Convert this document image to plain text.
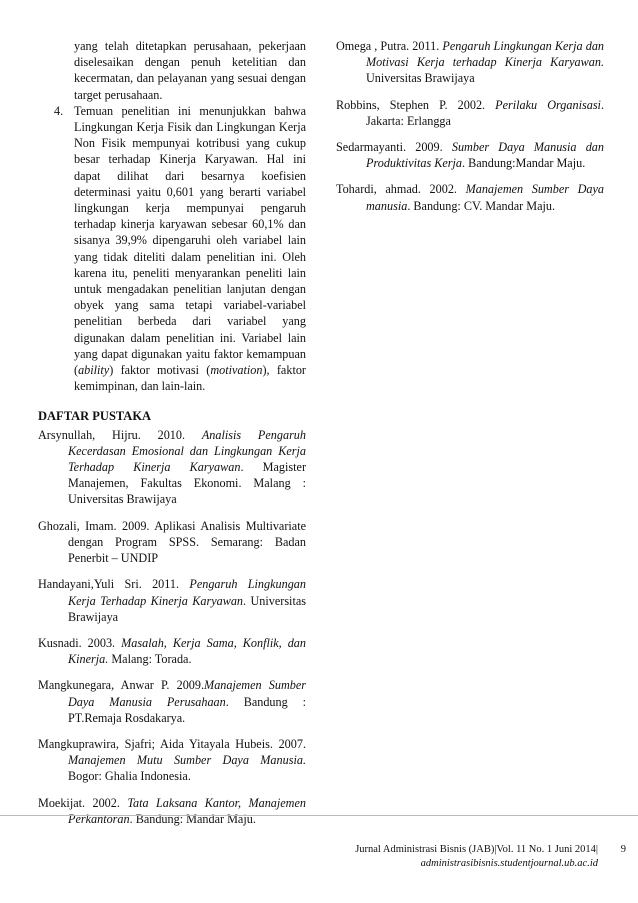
yang telah ditetapkan perusahaan, pekerjaan diselesaikan dengan penuh ketelitian dan kecermatan, dan pelayanan yang sesuai dengan target perusahaan.

4. Temuan penelitian ini menunjukkan bahwa Lingkungan Kerja Fisik dan Lingkungan Kerja Non Fisik mempunyai kotribusi yang cukup besar terhadap Kinerja Karyawan. Hal ini dapat dilihat dari besarnya koefisien determinasi yaitu 0,601 yang berarti variabel lingkungan kerja mempunyai pengaruh terhadap kinerja karyawan sebesar 60,1% dan sisanya 39,9% dipengaruhi oleh variabel lain yang tidak diteliti dalam penelitian ini. Oleh karena itu, peneliti menyarankan peneliti lain untuk mengadakan penelitian lanjutan dengan obyek yang sama tetapi variabel-variabel penelitian berbeda dari variabel yang digunakan dalam penelitian ini. Variabel lain yang dapat digunakan yaitu faktor kemampuan (ability) faktor motivasi (motivation), faktor kemimpinan, dan lain-lain.
DAFTAR PUSTAKA

Arsynullah, Hijru. 2010. Analisis Pengaruh Kecerdasan Emosional dan Lingkungan Kerja Terhadap Kinerja Karyawan. Magister Manajemen, Fakultas Ekonomi. Malang : Universitas Brawijaya

Ghozali, Imam. 2009. Aplikasi Analisis Multivariate dengan Program SPSS. Semarang: Badan Penerbit – UNDIP

Handayani,Yuli Sri. 2011. Pengaruh Lingkungan Kerja Terhadap Kinerja Karyawan. Universitas Brawijaya

Kusnadi. 2003. Masalah, Kerja Sama, Konflik, dan Kinerja. Malang: Torada.

Mangkunegara, Anwar P. 2009.Manajemen Sumber Daya Manusia Perusahaan. Bandung : PT.Remaja Rosdakarya.

Mangkuprawira, Sjafri; Aida Yitayala Hubeis. 2007. Manajemen Mutu Sumber Daya Manusia. Bogor: Ghalia Indonesia.

Moekijat. 2002. Tata Laksana Kantor, Manajemen Perkantoran. Bandung: Mandar Maju.

Omega , Putra. 2011. Pengaruh Lingkungan Kerja dan Motivasi Kerja terhadap Kinerja Karyawan. Universitas Brawijaya

Robbins, Stephen P. 2002. Perilaku Organisasi. Jakarta: Erlangga

Sedarmayanti. 2009. Sumber Daya Manusia dan Produktivitas Kerja. Bandung:Mandar Maju.

Tohardi, ahmad. 2002. Manajemen Sumber Daya manusia. Bandung: CV. Mandar Maju.

Jurnal Administrasi Bisnis (JAB)|Vol. 11 No. 1 Juni 2014|	9
administrasibisnis.studentjournal.ub.ac.id
